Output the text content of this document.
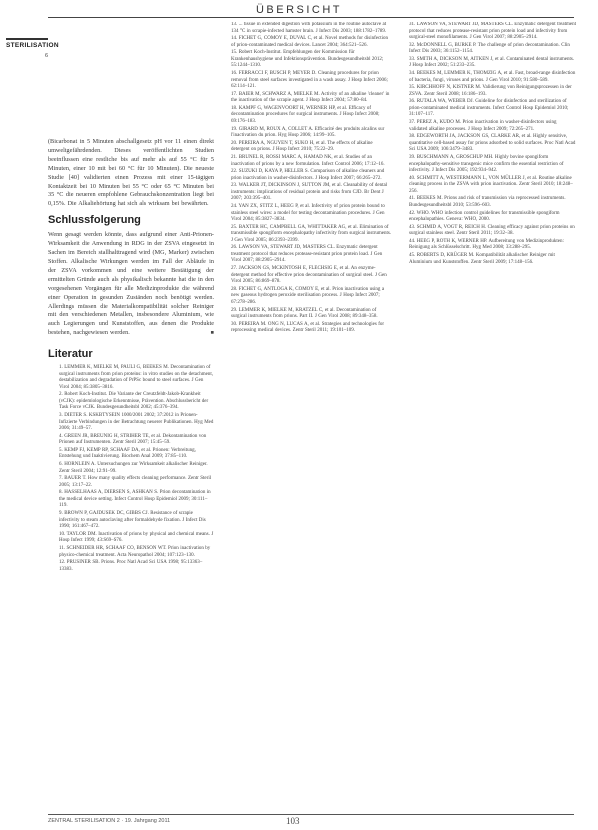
ÜBERSICHT
STERILISATION
6

(Bicarbonat in 5 Minuten abschallgesetz pH vor 11 einen direkt umweltgefährdenden. Dieses veröffentlichten Studien beeinflussen eine restliche bis auf mehr als auf 55 °C für 5 Minuten, einer 10 mit bei 60 °C für 10 Minuten). Die neueste Studie [40] validierten einen Prozess mit einer 15-tägigen Kontaktzeit bei 10 Minuten bei 55 °C oder 65 °C Minuten bei 35 °C die neueren empfohlene Gebrauchskonzentration liegt bei 0,15%. Die Alkaliehörtung hat sich als wirksam bei bewährten.

Schlussfolgerung

Wenn gesagt werden könnte, dass aufgrund einer Anti-Prionen-Wirksamkeit die Anwendung in RDG in der ZSVA eingesetzt in Sachen im Bereich stallhalttragend wird (MG, Marker) zwischen Stoffen. Alkalische Wirkungen werden im Fall der Abläufe in der ZSVA vorkommen und eine weitere Bestätigung der ermittelten Gründe auch als physikalisch bekannte hat die in den vorgesehenen Vorgängen für alle Medizinprodukte die während einer Operation in gesunden Zuständen noch benötigt werden. Allerdings müssen die Materialkompatibilität solcher Reiniger mit den verschiedenen Metallen, insbesondere Aluminium, wie auch Legierungen und Kunststoffen, aus denen die Produkte bestehen, nachgewiesen werden.	■

Literatur

1. LEMMER K, MIELKE M, PAULI G, BEEKES M. Decontamination of surgical instruments from prion proteins: in vitro studies on the detachment, destabilization and degradation of PrPSc bound to steel surfaces. J Gen Virol 2004; 85:3805–3816.

2. Robert Koch-Institut. Die Variante der Creutzfeldt-Jakob-Krankheit (vCJK): epidemiologische Erkenntnisse, Prävention. Abschlussbericht der Task Force vCJK. Bundesgesundheitsbl 2002; 45:376–394.

3. DIETER S. KSKBTYSEIN 1000/2001 2002; 37:2012 in Prionen-Infizierte Verbindungen in der Betrachtung neuerer Publikationen. Hyg Med 2006; 31:49–57.

4. GREEN JR, BREUNIG H, STRIHER TE, et al. Dekontamination von Prionen auf Instrumenten. Zentr Steril 2007; 15:45–59.

5. KEMP FJ, KEMP RP, SCHAAF DA, et al. Prionen: Verbreitung, Entstehung und Inaktivierung. Biochem Anal 2009; 37:85–110.

6. HORNLEIN A. Untersuchungen zur Wirksamkeit alkalischer Reiniger. Zentr Steril 2004; 12:91–99.

7. BAUER T. How many quality effects cleaning performance. Zentr Steril 2005; 13:17–22.

8. HASSELHAAS A, DIERSEN S, ASHKAN S. Prion decontamination in the medical device setting. Infect Control Hosp Epidemiol 2009; 30:111–119.

9. BROWN P, GAJDUSEK DC, GIBBS CJ. Resistance of scrapie infectivity to steam autoclaving after formaldehyde fixation. J Infect Dis 1990; 161:467–472.

10. TAYLOR DM. Inactivation of prions by physical and chemical means. J Hosp Infect 1999; 43:S69–S76.

11. SCHNEIDER HR, SCHAAF CO, BENSON WT. Prion inactivation by physico-chemical treatment. Acta Neuropathol 2004; 107:123–130.

12. PRUSINER SB. Prions. Proc Natl Acad Sci USA 1998; 95:13363–13383.

13. ... tissue in extended digestion with potassium in the routine autoclave at 134 °C in scrapie-infected hamster brain. J Infect Dis 2003; 188:1782–1789.

14. FICHET G, COMOY E, DUVAL C, et al. Novel methods for disinfection of prion-contaminated medical devices. Lancet 2004; 364:521–526.

15. Robert Koch-Institut. Empfehlungen der Kommission für Krankenhaushygiene und Infektionsprävention. Bundesgesundheitsbl 2012; 55:1244–1310.

16. FERRACCI F, BUSCH P, MEYER D. Cleaning procedures for prion removal from steel surfaces investigated in a wash assay. J Hosp Infect 2006; 62:114–121.

17. BAIER M, SCHWARZ A, MIELKE M. Activity of an alkaline 'cleaner' in the inactivation of the scrapie agent. J Hosp Infect 2004; 57:80–84.

18. KAMPF G, WAGENVOORT H, WERNER HP, et al. Efficacy of decontamination procedures for surgical instruments. J Hosp Infect 2008; 69:176–183.

19. GIRARD M, ROUX A, COLLET A. Efficacité des produits alcalins sur l'inactivation du prion. Hyg Hosp 2006; 14:99–105.

20. PEREIRA A, NGUYEN T, SUKO H, et al. The effects of alkaline detergent on prions. J Hosp Infect 2010; 75:22–29.

21. BRUNEL R, ROSSI MARC A, HAMAD NK, et al. Studies of an inactivation of prions by a new formulation. Infect Control 2006; 17:12–16.

22. SUZUKI D, KAYA P, HELLER S. Comparison of alkaline cleaners and prion inactivation in washer-disinfectors. J Hosp Infect 2007; 66:265–272.

23. WALKER JT, DICKINSON J, SUTTON JM, et al. Cleanability of dental instruments: implications of residual protein and risks from CJD. Br Dent J 2007; 203:395–401.

24. YAN ZX, STITZ L, HEEG P, et al. Infectivity of prion protein bound to stainless steel wires: a model for testing decontamination procedures. J Gen Virol 2004; 85:3827–3834.

25. BAXTER HC, CAMPBELL GA, WHITTAKER AG, et al. Elimination of transmissible spongiform encephalopathy infectivity from surgical instruments. J Gen Virol 2005; 86:2393–2399.

26. LAWSON VA, STEWART JD, MASTERS CL. Enzymatic detergent treatment protocol that reduces protease-resistant prion protein load. J Gen Virol 2007; 88:2905–2914.

27. JACKSON GS, MCKINTOSH E, FLECHSIG E, et al. An enzyme-detergent method for effective prion decontamination of surgical steel. J Gen Virol 2005; 86:869–878.

28. FICHET G, ANTLOGA K, COMOY E, et al. Prion inactivation using a new gaseous hydrogen peroxide sterilisation process. J Hosp Infect 2007; 67:278–286.

29. LEMMER K, MIELKE M, KRATZEL C, et al. Decontamination of surgical instruments from prions. Part II. J Gen Virol 2008; 89:348–358.

30. PEREIRA M. ONG N, LUCAS A, et al. Strategies and technologies for reprocessing medical devices. Zentr Steril 2011; 19:101–109.

31. LAWSON VA, STEWART JD, MASTERS CL. Enzymatic detergent treatment protocol that reduces protease-resistant prion protein load and infectivity from surgical-steel monofilaments. J Gen Virol 2007; 88:2905–2914.

32. McDONNELL G, BURKE P. The challenge of prion decontamination. Clin Infect Dis 2003; 36:1152–1154.

33. SMITH A, DICKSON M, AITKEN J, et al. Contaminated dental instruments. J Hosp Infect 2002; 51:233–235.

34. BEEKES M, LEMMER K, THOMZIG A, et al. Fast, broad-range disinfection of bacteria, fungi, viruses and prions. J Gen Virol 2010; 91:580–589.

35. KIRCHHOFF N, KISTNER M. Validierung von Reinigungsprozessen in der ZSVA. Zentr Steril 2008; 16:186–193.

36. RUTALA WA, WEBER DJ. Guideline for disinfection and sterilization of prion-contaminated medical instruments. Infect Control Hosp Epidemiol 2010; 31:107–117.

37. PEREZ A, KUDO M. Prion inactivation in washer-disinfectors using validated alkaline processes. J Hosp Infect 2009; 72:265–271.

38. EDGEWORTH JA, JACKSON GS, CLARKE AR, et al. Highly sensitive, quantitative cell-based assay for prions adsorbed to solid surfaces. Proc Natl Acad Sci USA 2009; 106:3479–3483.

39. BUSCHMANN A, GROSCHUP MH. Highly bovine spongiform encephalopathy-sensitive transgenic mice confirm the essential restriction of infectivity. J Infect Dis 2005; 192:934–942.

40. SCHMITT A, WESTERMANN L, VON MÜLLER J, et al. Routine alkaline cleaning process in the ZSVA with prion inactivation. Zentr Steril 2010; 18:248–256.

41. BEEKES M. Prions and risk of transmission via reprocessed instruments. Bundesgesundheitsbl 2010; 53:596–603.

42. WHO. WHO infection control guidelines for transmissible spongiform encephalopathies. Geneva: WHO, 2000.

43. SCHMID A, VOGT R, REICH H. Cleaning efficacy against prion proteins on surgical stainless steel. Zentr Steril 2011; 19:32–38.

44. HEEG P, ROTH K, WERNER HP. Aufbereitung von Medizinprodukten: Reinigung als Schlüsselschritt. Hyg Med 2008; 33:288–295.

45. ROBERTS D, KRÜGER M. Kompatibilität alkalischer Reiniger mit Aluminium und Kunststoffen. Zentr Steril 2009; 17:148–156.

ZENTRAL STERILISATION 2 · 19. Jahrgang 2011	103
